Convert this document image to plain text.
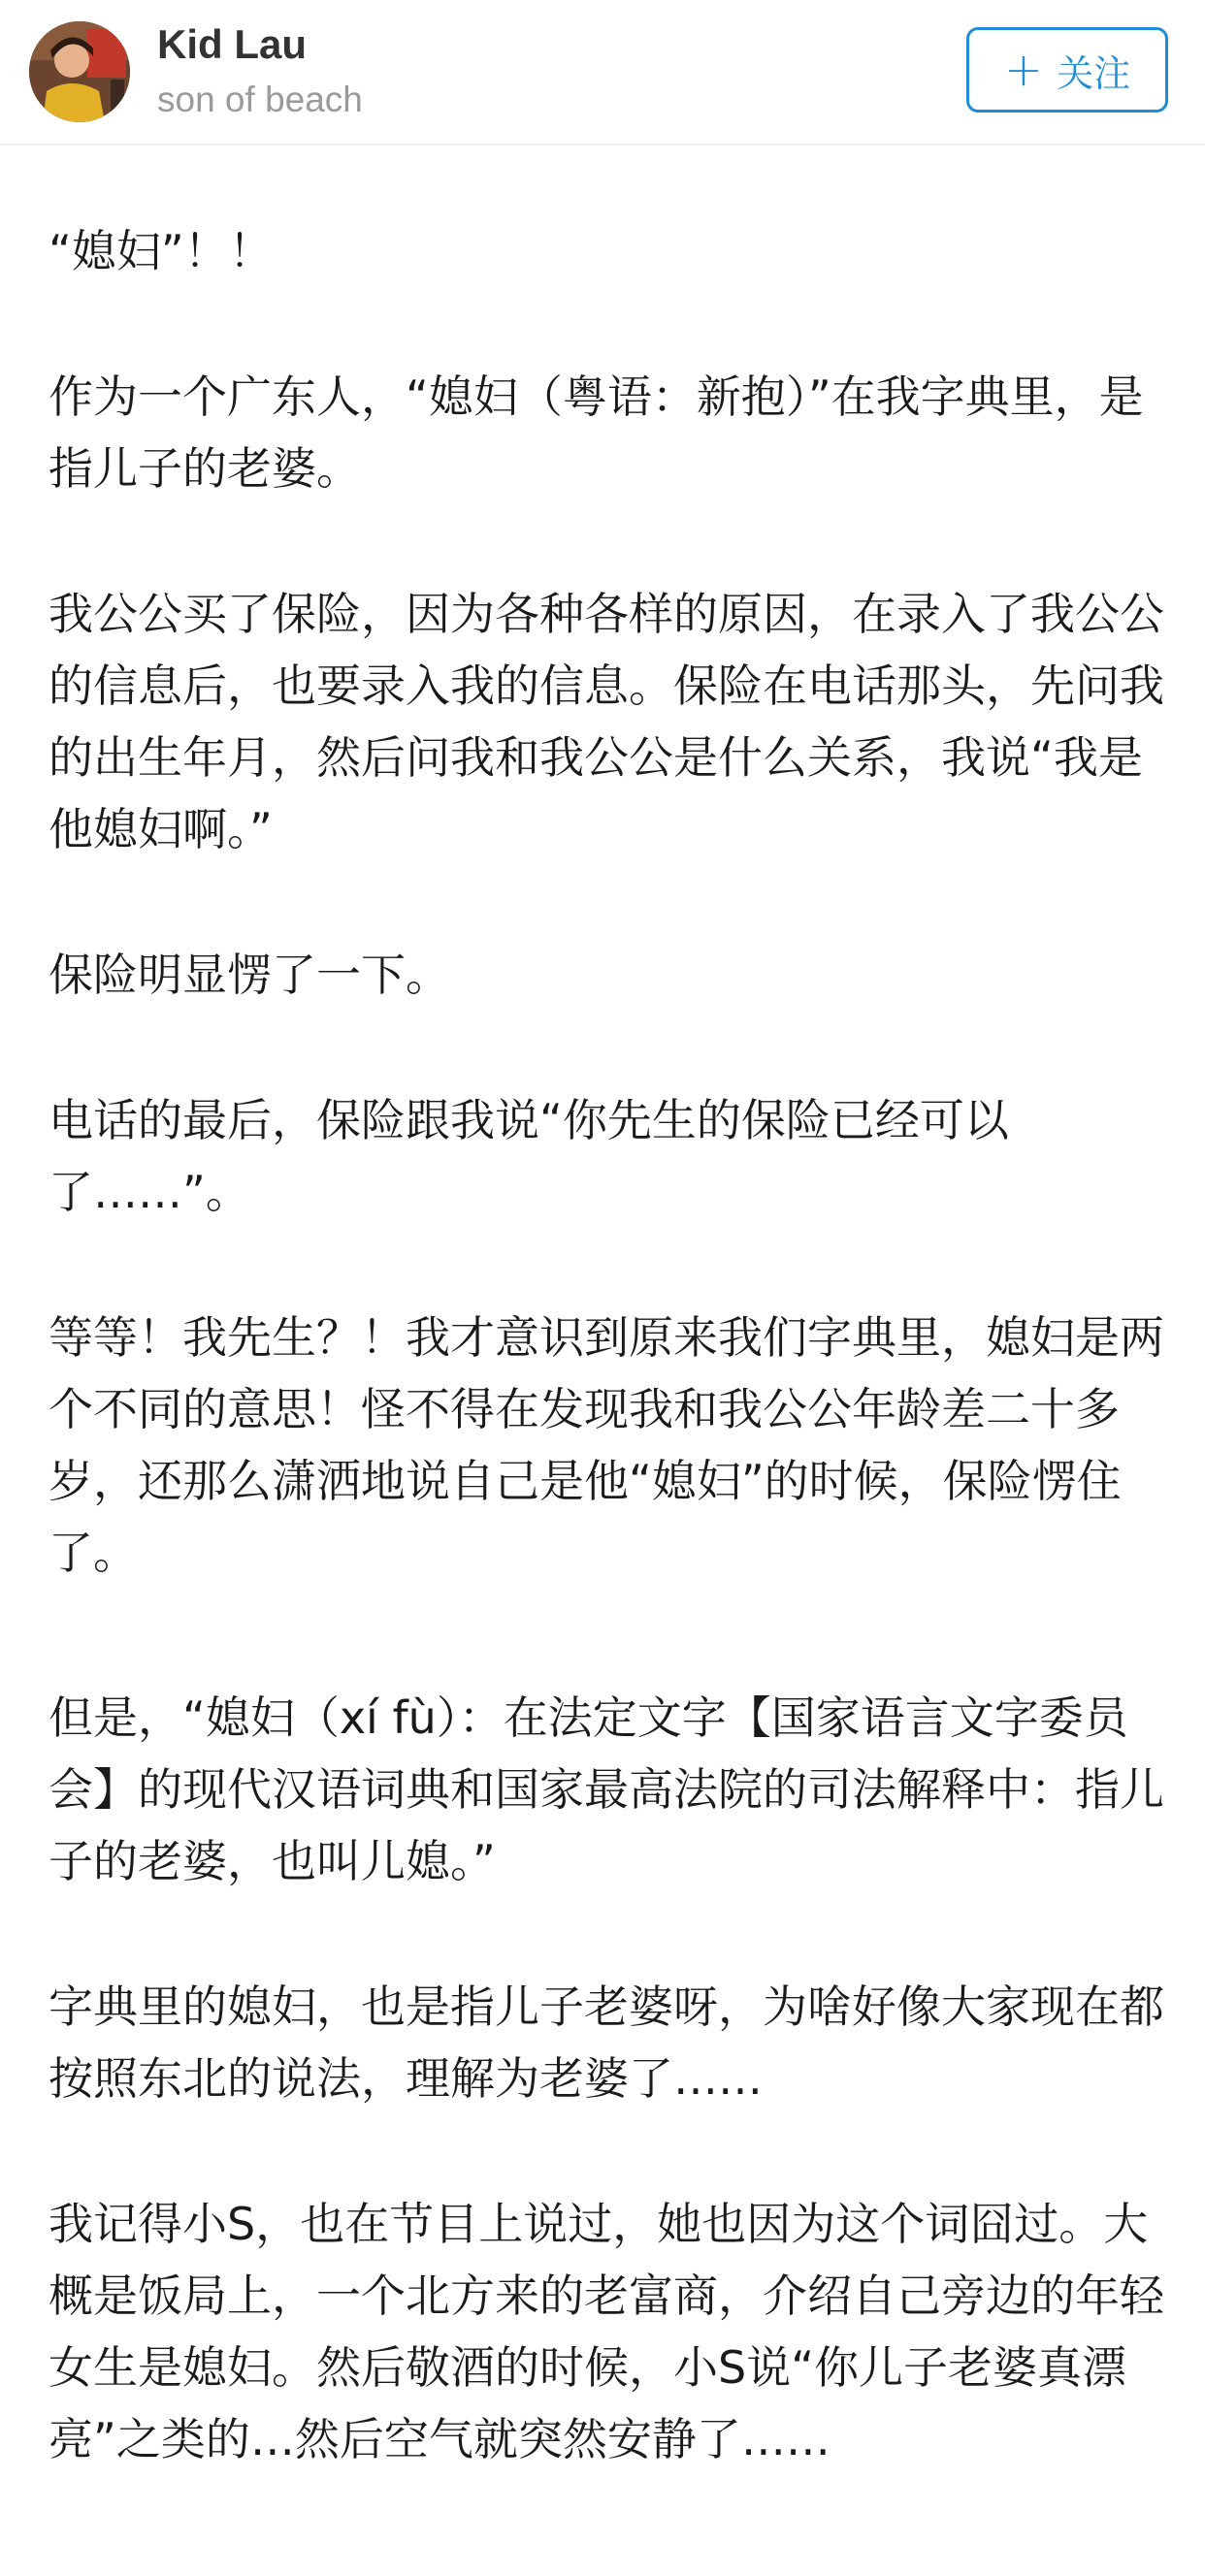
Kid Lau
son of beach
+ 关注

“媳妇”！！

作为一个广东人，“媳妇（粤语：新抱）”在我字典里，是指儿子的老婆。

我公公买了保险，因为各种各样的原因，在录入了我公公的信息后，也要录入我的信息。保险在电话那头，先问我的出生年月，然后问我和我公公是什么关系，我说“我是他媳妇啊。”

保险明显愣了一下。

电话的最后，保险跟我说“你先生的保险已经可以了……”。

等等！我先生？！我才意识到原来我们字典里，媳妇是两个不同的意思！怪不得在发现我和我公公年龄差二十多岁，还那么潇洒地说自己是他“媳妇”的时候，保险愣住了。

但是，“媳妇（xí fù）：在法定文字【国家语言文字委员会】的现代汉语词典和国家最高法院的司法解释中：指儿子的老婆，也叫儿媳。”

字典里的媳妇，也是指儿子老婆呀，为啥好像大家现在都按照东北的说法，理解为老婆了……

我记得小S，也在节目上说过，她也因为这个词囧过。大概是饭局上，一个北方来的老富商，介绍自己旁边的年轻女生是媳妇。然后敬酒的时候，小S说“你儿子老婆真漂亮”之类的…然后空气就突然安静了……
